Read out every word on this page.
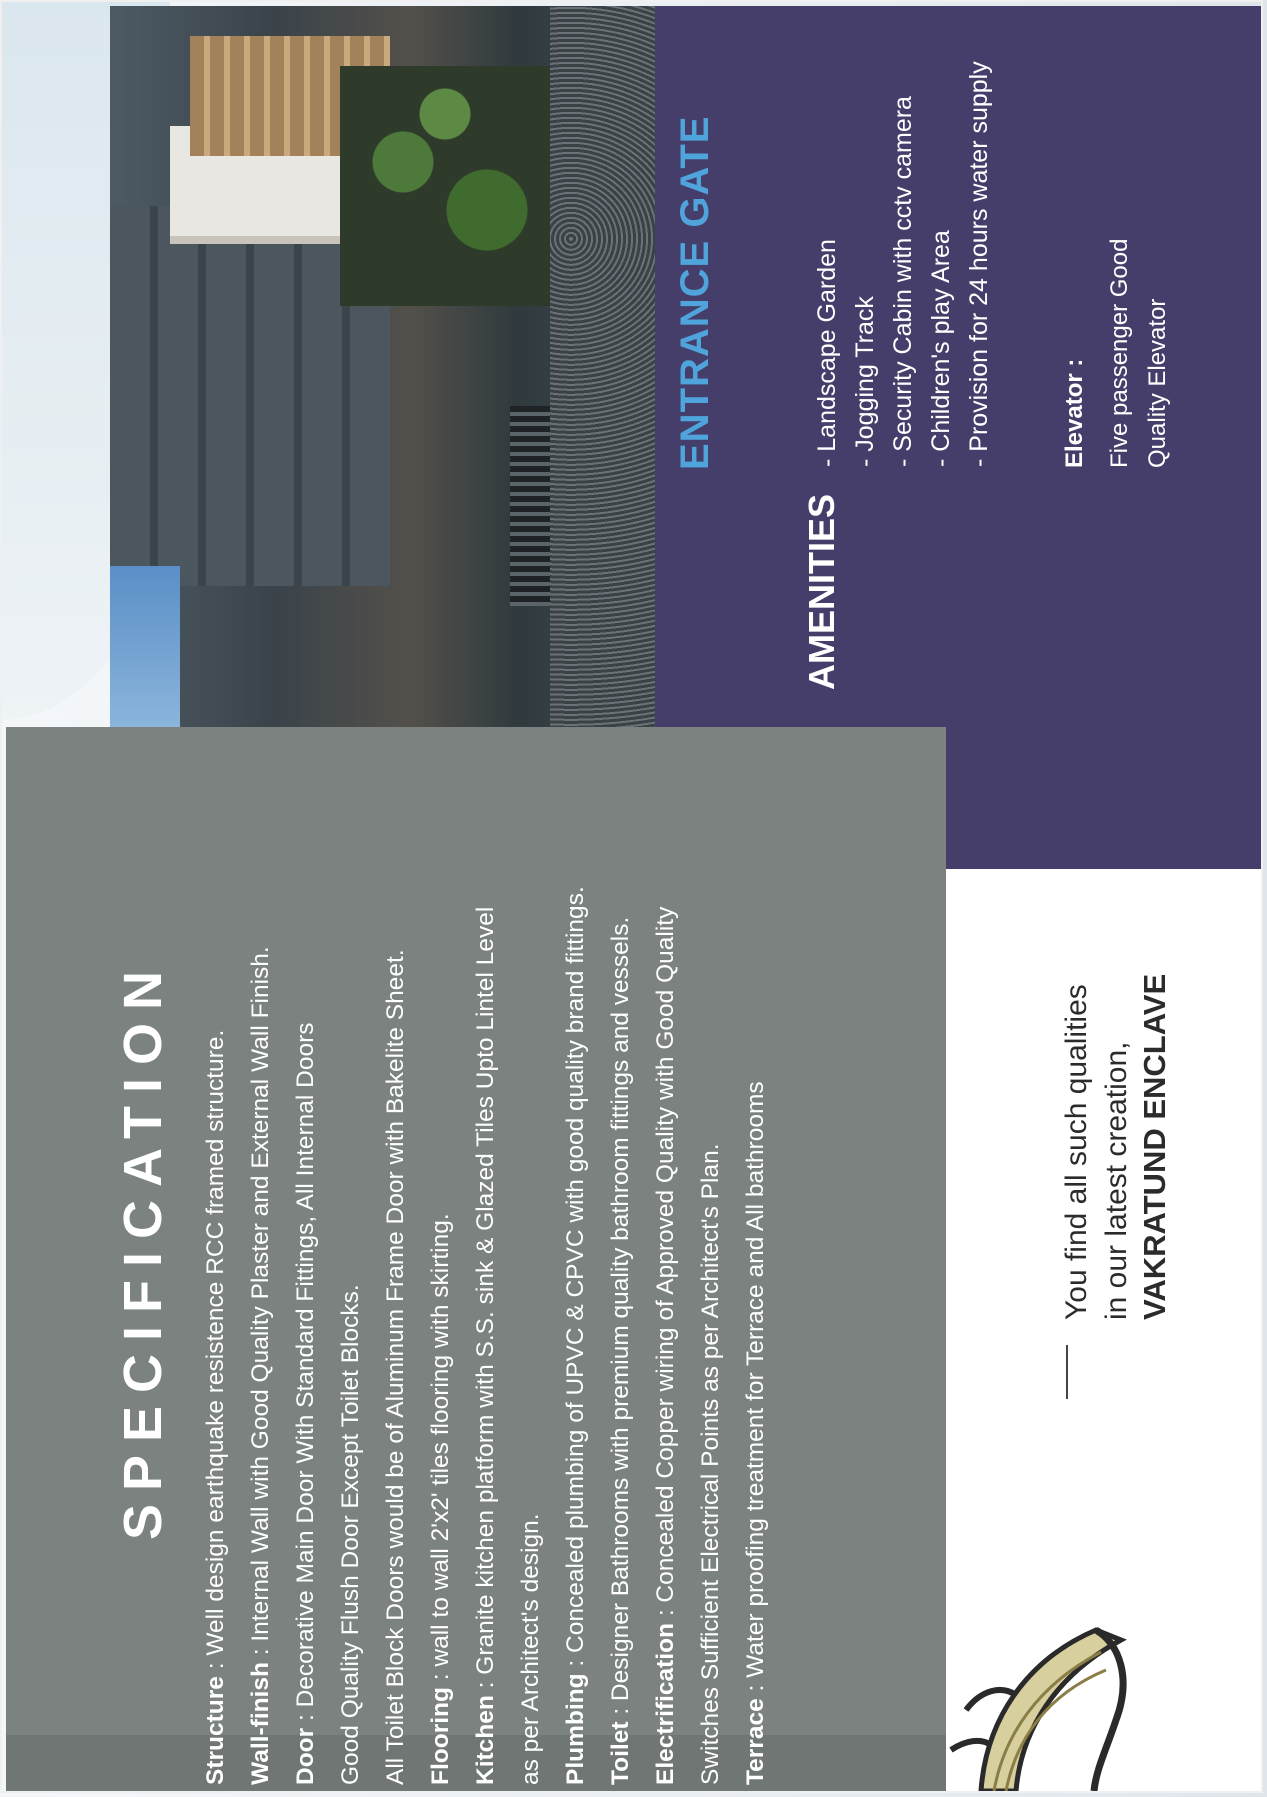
ENTRANCE GATE
AMENITIES
- Landscape Garden - Jogging Track - Security Cabin with cctv camera - Children's play Area - Provision for 24 hours water supply	Elevator : Five passenger Good Quality Elevator
SPECIFICATION
Structure : Well design earthquake resistence RCC framed structure.
Wall-finish : Internal Wall with Good Quality Plaster and External Wall Finish.
Door : Decorative Main Door With Standard Fittings, All Internal Doors Good Quality Flush Door Except Toilet Blocks. All Toilet Block Doors would be of Aluminum Frame Door with Bakelite Sheet. Flooring : wall to wall 2'x2' tiles flooring with skirting.
Kitchen : Granite kitchen platform with S.S. sink & Glazed Tiles Upto Lintel Level as per Architect's design. Plumbing : Concealed plumbing of UPVC & CPVC with good quality brand fittings.
Toilet : Designer Bathrooms with premium quality bathroom fittings and vessels.
Electrification : Concealed Copper wiring of Approved Quality with Good Quality Switches Sufficient Electrical Points as per Architect's Plan. Terrace : Water proofing treatment for Terrace and All bathrooms	You find all such qualities in our latest creation, VAKRATUND ENCLAVE
